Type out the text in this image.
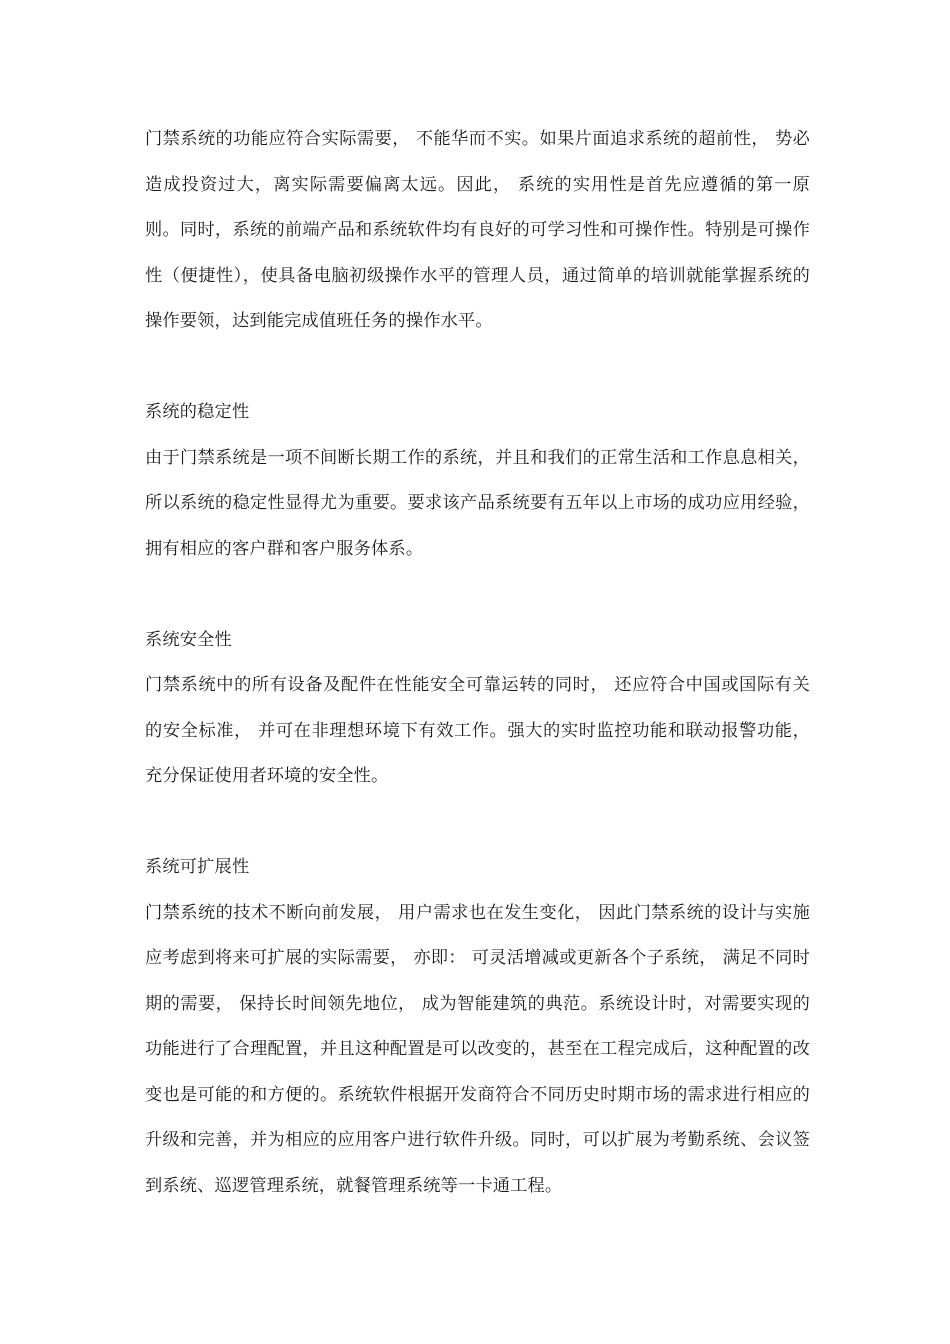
门禁系统的功能应符合实际需要， 不能华而不实。如果片面追求系统的超前性， 势必造成投资过大，离实际需要偏离太远。因此， 系统的实用性是首先应遵循的第一原则。同时，系统的前端产品和系统软件均有良好的可学习性和可操作性。特别是可操作性（便捷性），使具备电脑初级操作水平的管理人员，通过简单的培训就能掌握系统的操作要领，达到能完成值班任务的操作水平。

系统的稳定性

由于门禁系统是一项不间断长期工作的系统，并且和我们的正常生活和工作息息相关，所以系统的稳定性显得尤为重要。要求该产品系统要有五年以上市场的成功应用经验，拥有相应的客户群和客户服务体系。

系统安全性

门禁系统中的所有设备及配件在性能安全可靠运转的同时， 还应符合中国或国际有关的安全标准， 并可在非理想环境下有效工作。强大的实时监控功能和联动报警功能，充分保证使用者环境的安全性。

系统可扩展性

门禁系统的技术不断向前发展， 用户需求也在发生变化， 因此门禁系统的设计与实施应考虑到将来可扩展的实际需要， 亦即： 可灵活增减或更新各个子系统， 满足不同时期的需要， 保持长时间领先地位， 成为智能建筑的典范。系统设计时，对需要实现的功能进行了合理配置，并且这种配置是可以改变的，甚至在工程完成后，这种配置的改变也是可能的和方便的。系统软件根据开发商符合不同历史时期市场的需求进行相应的升级和完善，并为相应的应用客户进行软件升级。同时，可以扩展为考勤系统、会议签到系统、巡逻管理系统，就餐管理系统等一卡通工程。
